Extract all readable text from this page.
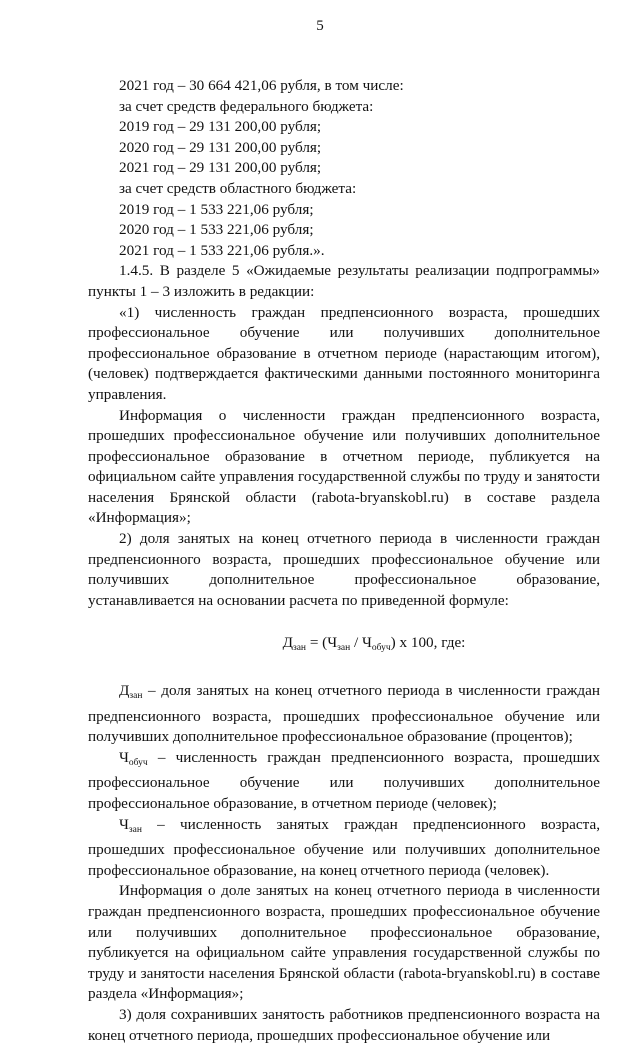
5

2021 год – 30 664 421,06 рубля, в том числе:

за счет средств федерального бюджета:

2019 год – 29 131 200,00 рубля;

2020 год – 29 131 200,00 рубля;

2021 год – 29 131 200,00 рубля;

за счет средств областного бюджета:

2019 год – 1 533 221,06 рубля;

2020 год – 1 533 221,06 рубля;

2021 год – 1 533 221,06 рубля.».

1.4.5. В разделе 5 «Ожидаемые результаты реализации подпрограммы» пункты 1 – 3 изложить в редакции:

«1) численность граждан предпенсионного возраста, прошедших профессиональное обучение или получивших дополнительное профессиональное образование в отчетном периоде (нарастающим итогом), (человек) подтверждается фактическими данными постоянного мониторинга управления.

Информация о численности граждан предпенсионного возраста, прошедших профессиональное обучение или получивших дополнительное профессиональное образование в отчетном периоде, публикуется на официальном сайте управления государственной службы по труду и занятости населения Брянской области (rabota-bryanskobl.ru) в составе раздела «Информация»;

2) доля занятых на конец отчетного периода в численности граждан предпенсионного возраста, прошедших профессиональное обучение или получивших дополнительное профессиональное образование, устанавливается на основании расчета по приведенной формуле:

$Д_{зан} = (Ч_{зан} / Ч_{обуч})$ x 100, где:

$Д_{зан}$ – доля занятых на конец отчетного периода в численности граждан предпенсионного возраста, прошедших профессиональное обучение или получивших дополнительное профессиональное образование (процентов);

$Ч_{обуч}$ – численность граждан предпенсионного возраста, прошедших профессиональное обучение или получивших дополнительное профессиональное образование, в отчетном периоде (человек);

$Ч_{зан}$ – численность занятых граждан предпенсионного возраста, прошедших профессиональное обучение или получивших дополнительное профессиональное образование, на конец отчетного периода (человек).

Информация о доле занятых на конец отчетного периода в численности граждан предпенсионного возраста, прошедших профессиональное обучение или получивших дополнительное профессиональное образование, публикуется на официальном сайте управления государственной службы по труду и занятости населения Брянской области (rabota-bryanskobl.ru) в составе раздела «Информация»;

3) доля сохранивших занятость работников предпенсионного возраста на конец отчетного периода, прошедших профессиональное обучение или
